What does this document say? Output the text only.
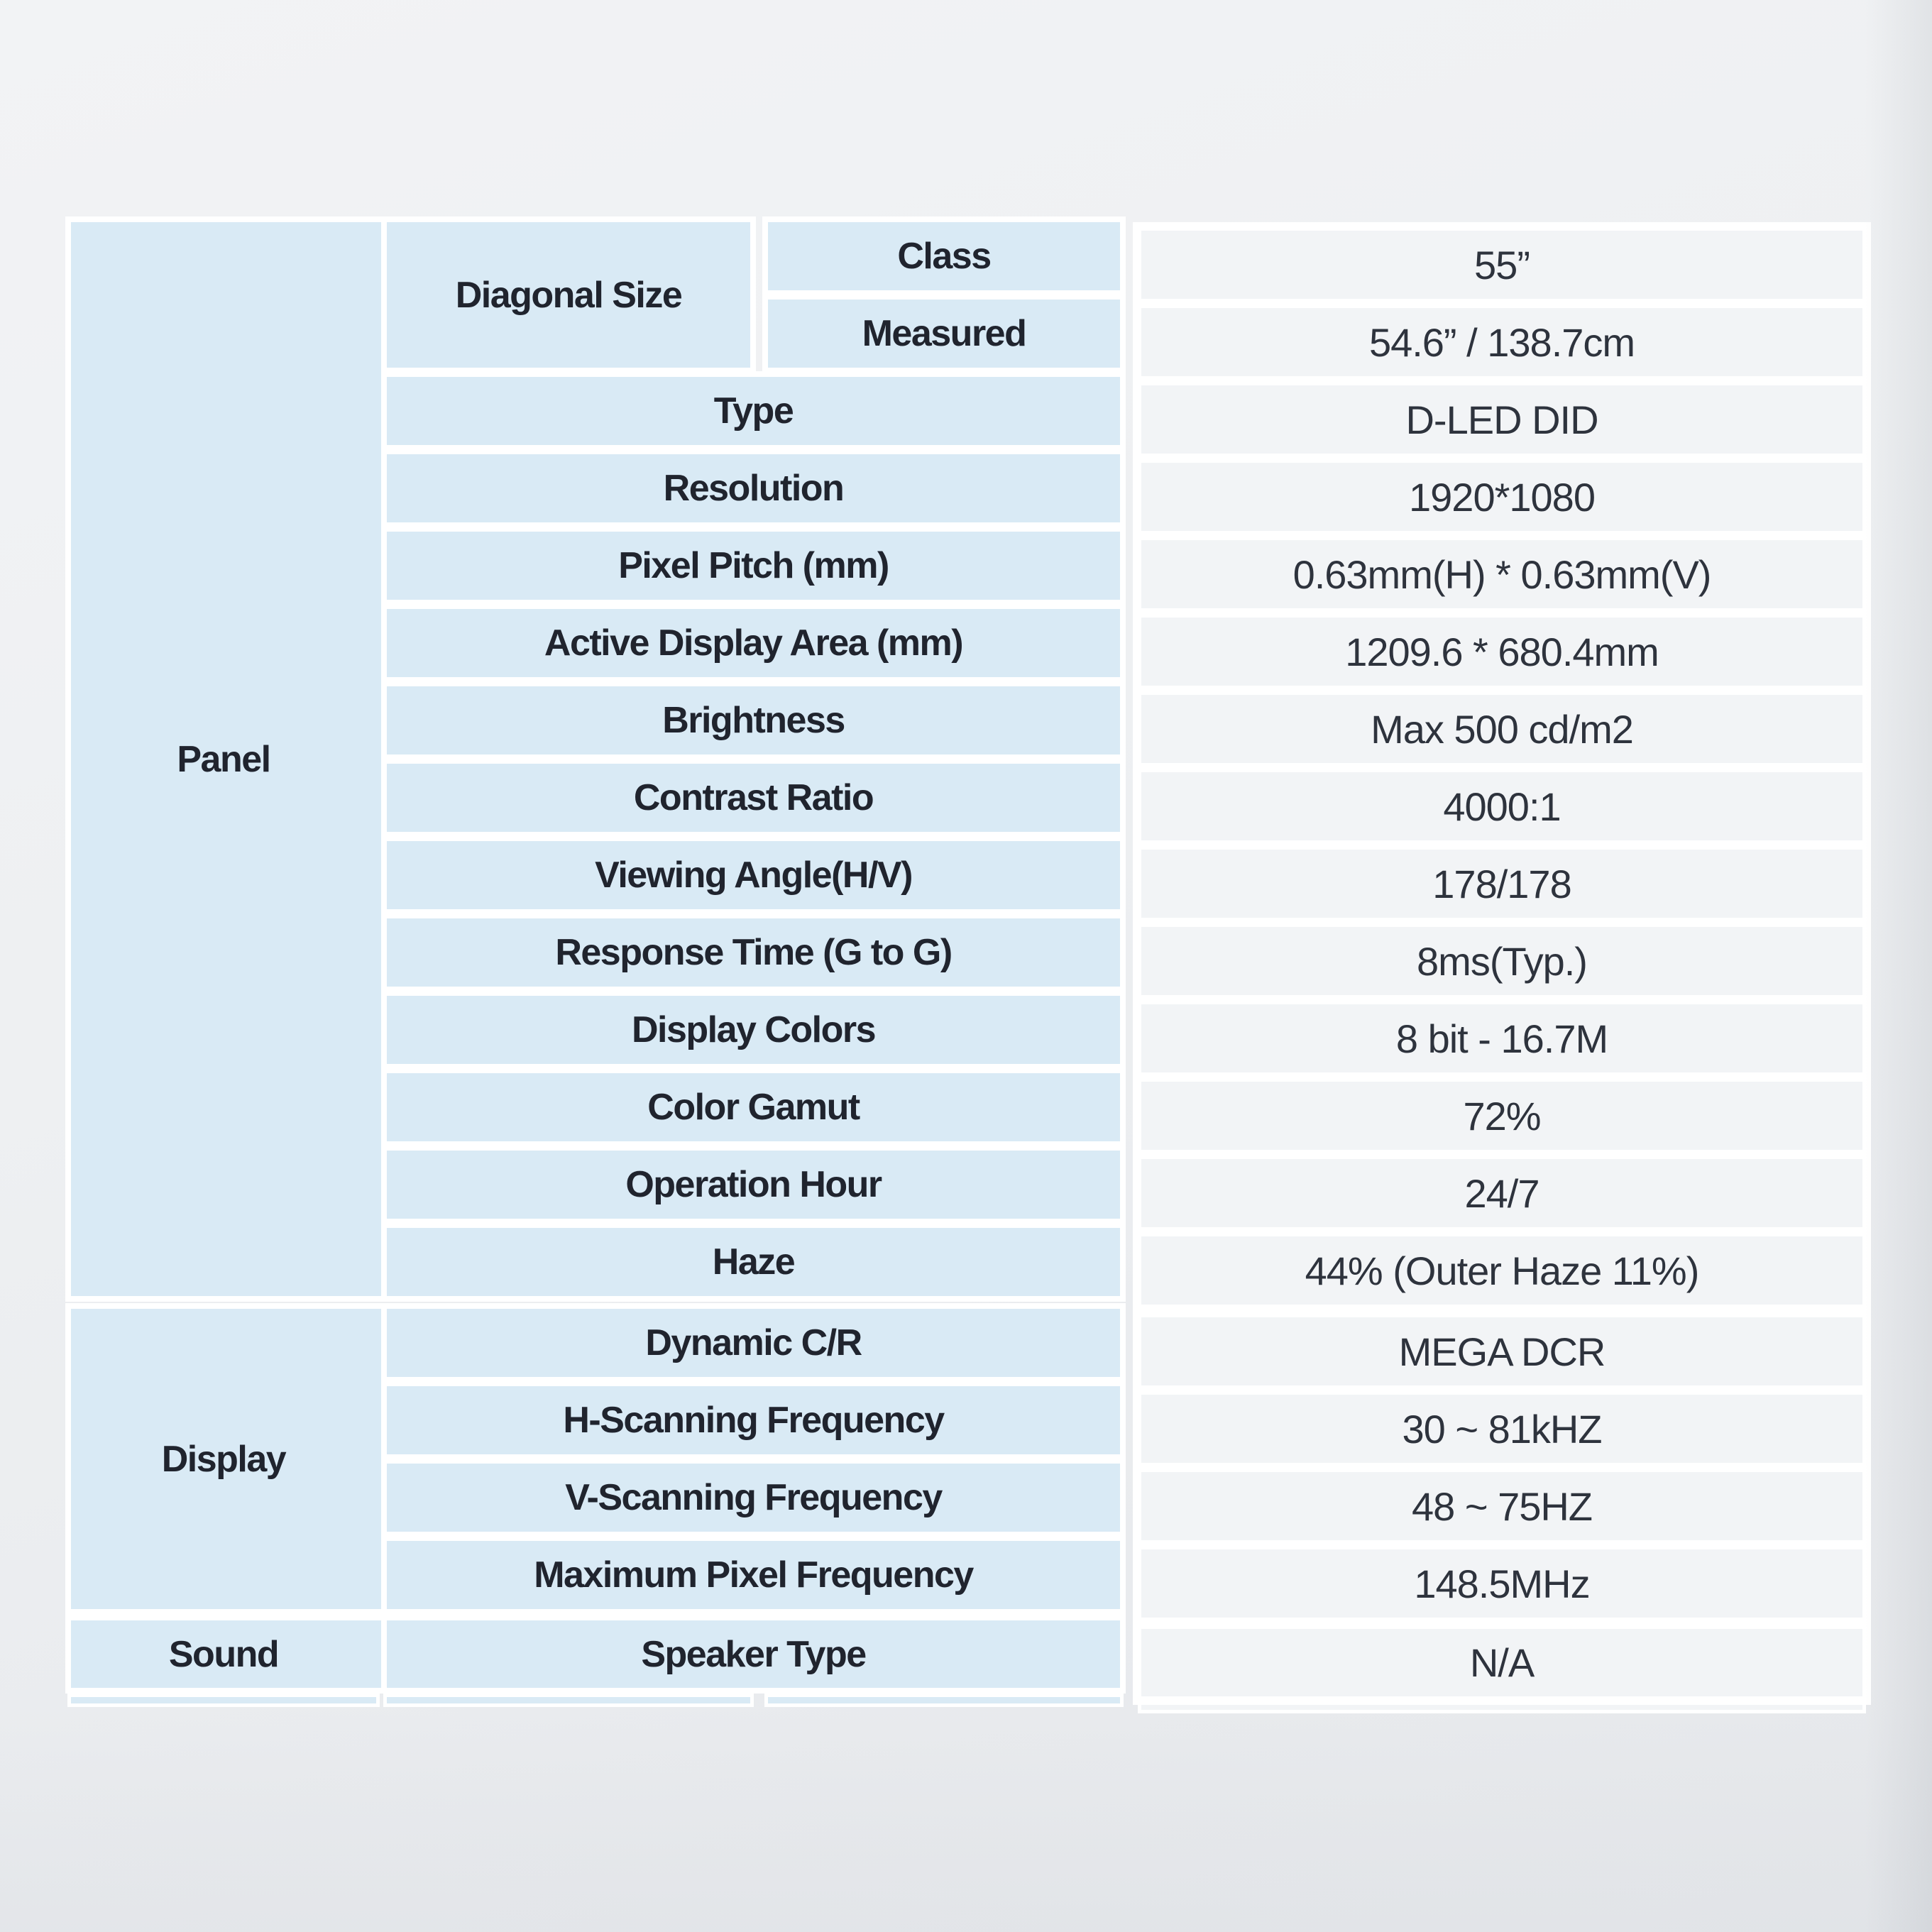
Panel
Display
Sound
Diagonal Size
Class
Measured
Type
Resolution
Pixel Pitch (mm)
Active Display Area (mm)
Brightness
Contrast Ratio
Viewing Angle(H/V)
Response Time (G to G)
Display Colors
Color Gamut
Operation Hour
Haze
Dynamic C/R
H-Scanning Frequency
V-Scanning Frequency
Maximum Pixel Frequency
Speaker Type
55”
54.6” / 138.7cm
D-LED DID
1920*1080
0.63mm(H) * 0.63mm(V)
1209.6 * 680.4mm
Max 500 cd/m2
4000:1
178/178
8ms(Typ.)
8 bit - 16.7M
72%
24/7
44% (Outer Haze 11%)
MEGA DCR
30 ~ 81kHZ
48 ~ 75HZ
148.5MHz
N/A
